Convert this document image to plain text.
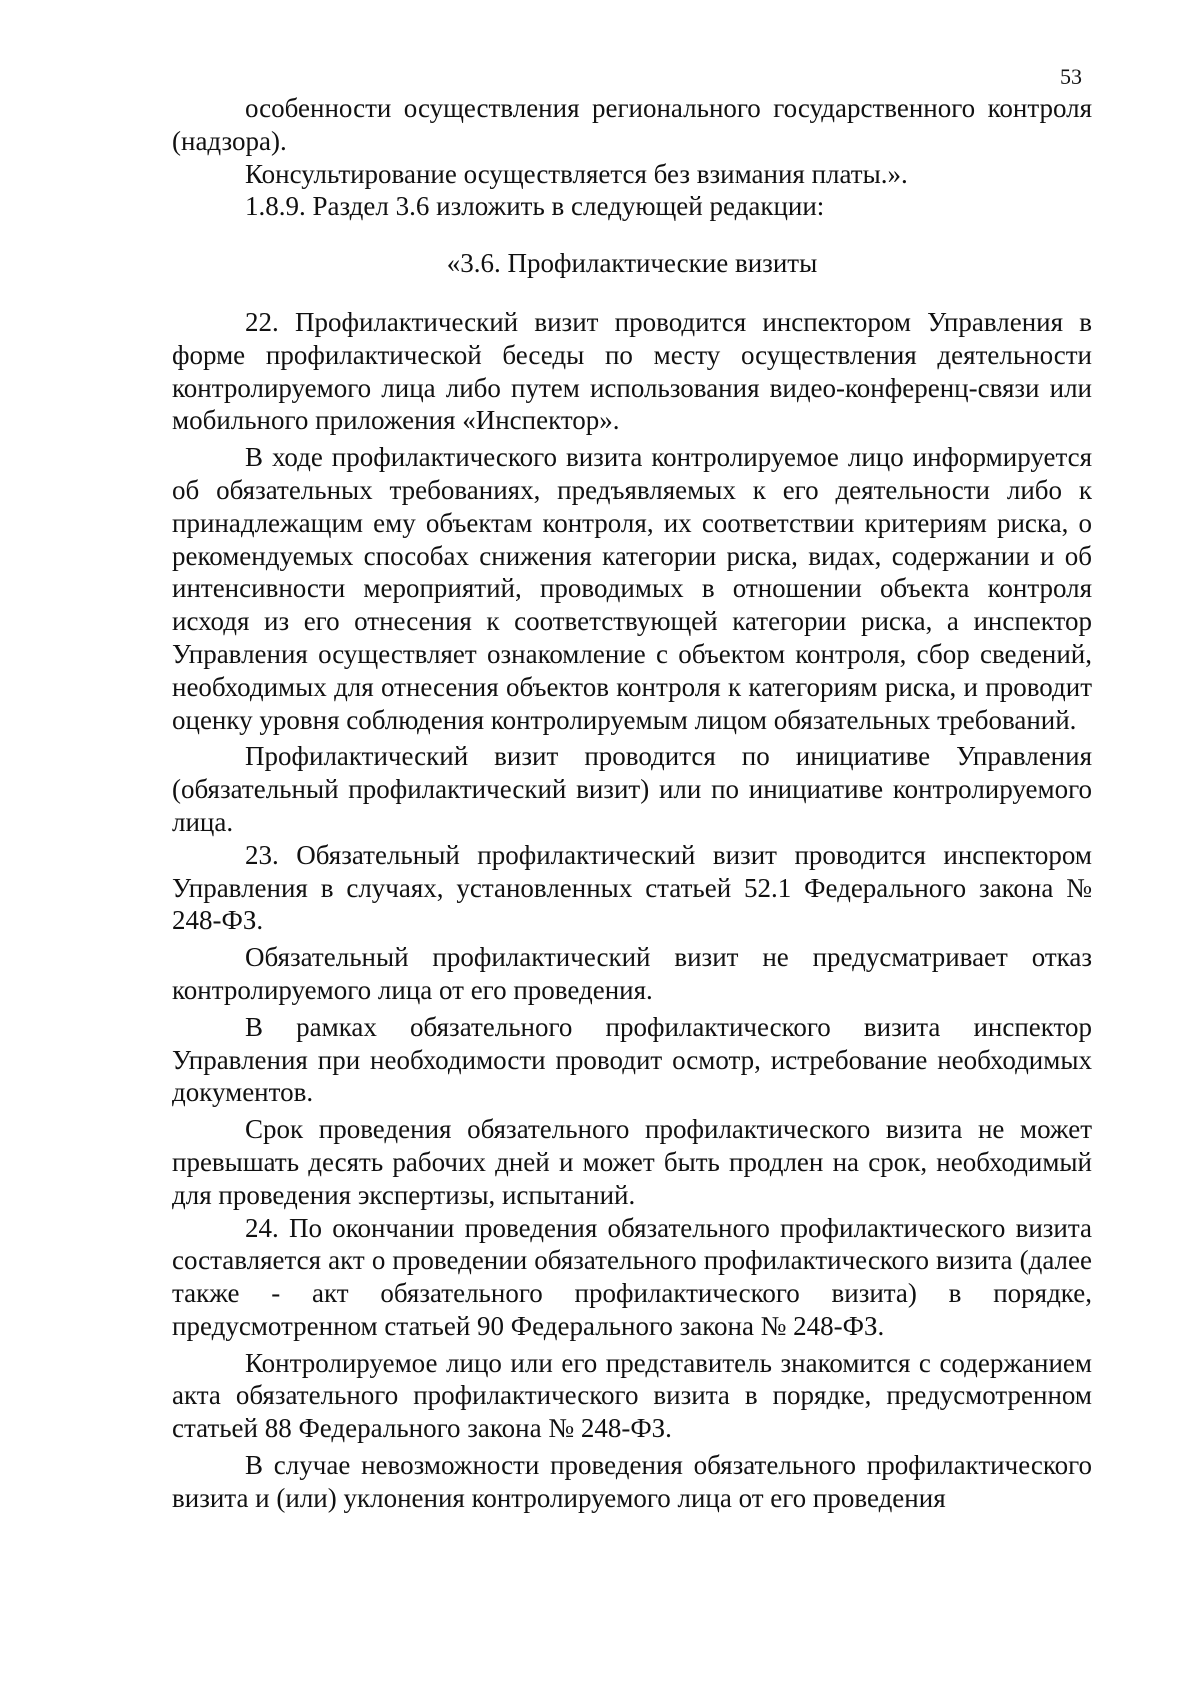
53

особенности осуществления регионального государственного контроля (надзора).

Консультирование осуществляется без взимания платы.».

1.8.9. Раздел 3.6 изложить в следующей редакции:

«3.6. Профилактические визиты

22. Профилактический визит проводится инспектором Управления в форме профилактической беседы по месту осуществления деятельности контролируемого лица либо путем использования видео-конференц-связи или мобильного приложения «Инспектор».

В ходе профилактического визита контролируемое лицо информируется об обязательных требованиях, предъявляемых к его деятельности либо к принадлежащим ему объектам контроля, их соответствии критериям риска, о рекомендуемых способах снижения категории риска, видах, содержании и об интенсивности мероприятий, проводимых в отношении объекта контроля исходя из его отнесения к соответствующей категории риска, а инспектор Управления осуществляет ознакомление с объектом контроля, сбор сведений, необходимых для отнесения объектов контроля к категориям риска, и проводит оценку уровня соблюдения контролируемым лицом обязательных требований.

Профилактический визит проводится по инициативе Управления (обязательный профилактический визит) или по инициативе контролируемого лица.

23. Обязательный профилактический визит проводится инспектором Управления в случаях, установленных статьей 52.1 Федерального закона № 248-ФЗ.

Обязательный профилактический визит не предусматривает отказ контролируемого лица от его проведения.

В рамках обязательного профилактического визита инспектор Управления при необходимости проводит осмотр, истребование необходимых документов.

Срок проведения обязательного профилактического визита не может превышать десять рабочих дней и может быть продлен на срок, необходимый для проведения экспертизы, испытаний.

24. По окончании проведения обязательного профилактического визита составляется акт о проведении обязательного профилактического визита (далее также - акт обязательного профилактического визита) в порядке, предусмотренном статьей 90 Федерального закона № 248-ФЗ.

Контролируемое лицо или его представитель знакомится с содержанием акта обязательного профилактического визита в порядке, предусмотренном статьей 88 Федерального закона № 248-ФЗ.

В случае невозможности проведения обязательного профилактического визита и (или) уклонения контролируемого лица от его проведения
